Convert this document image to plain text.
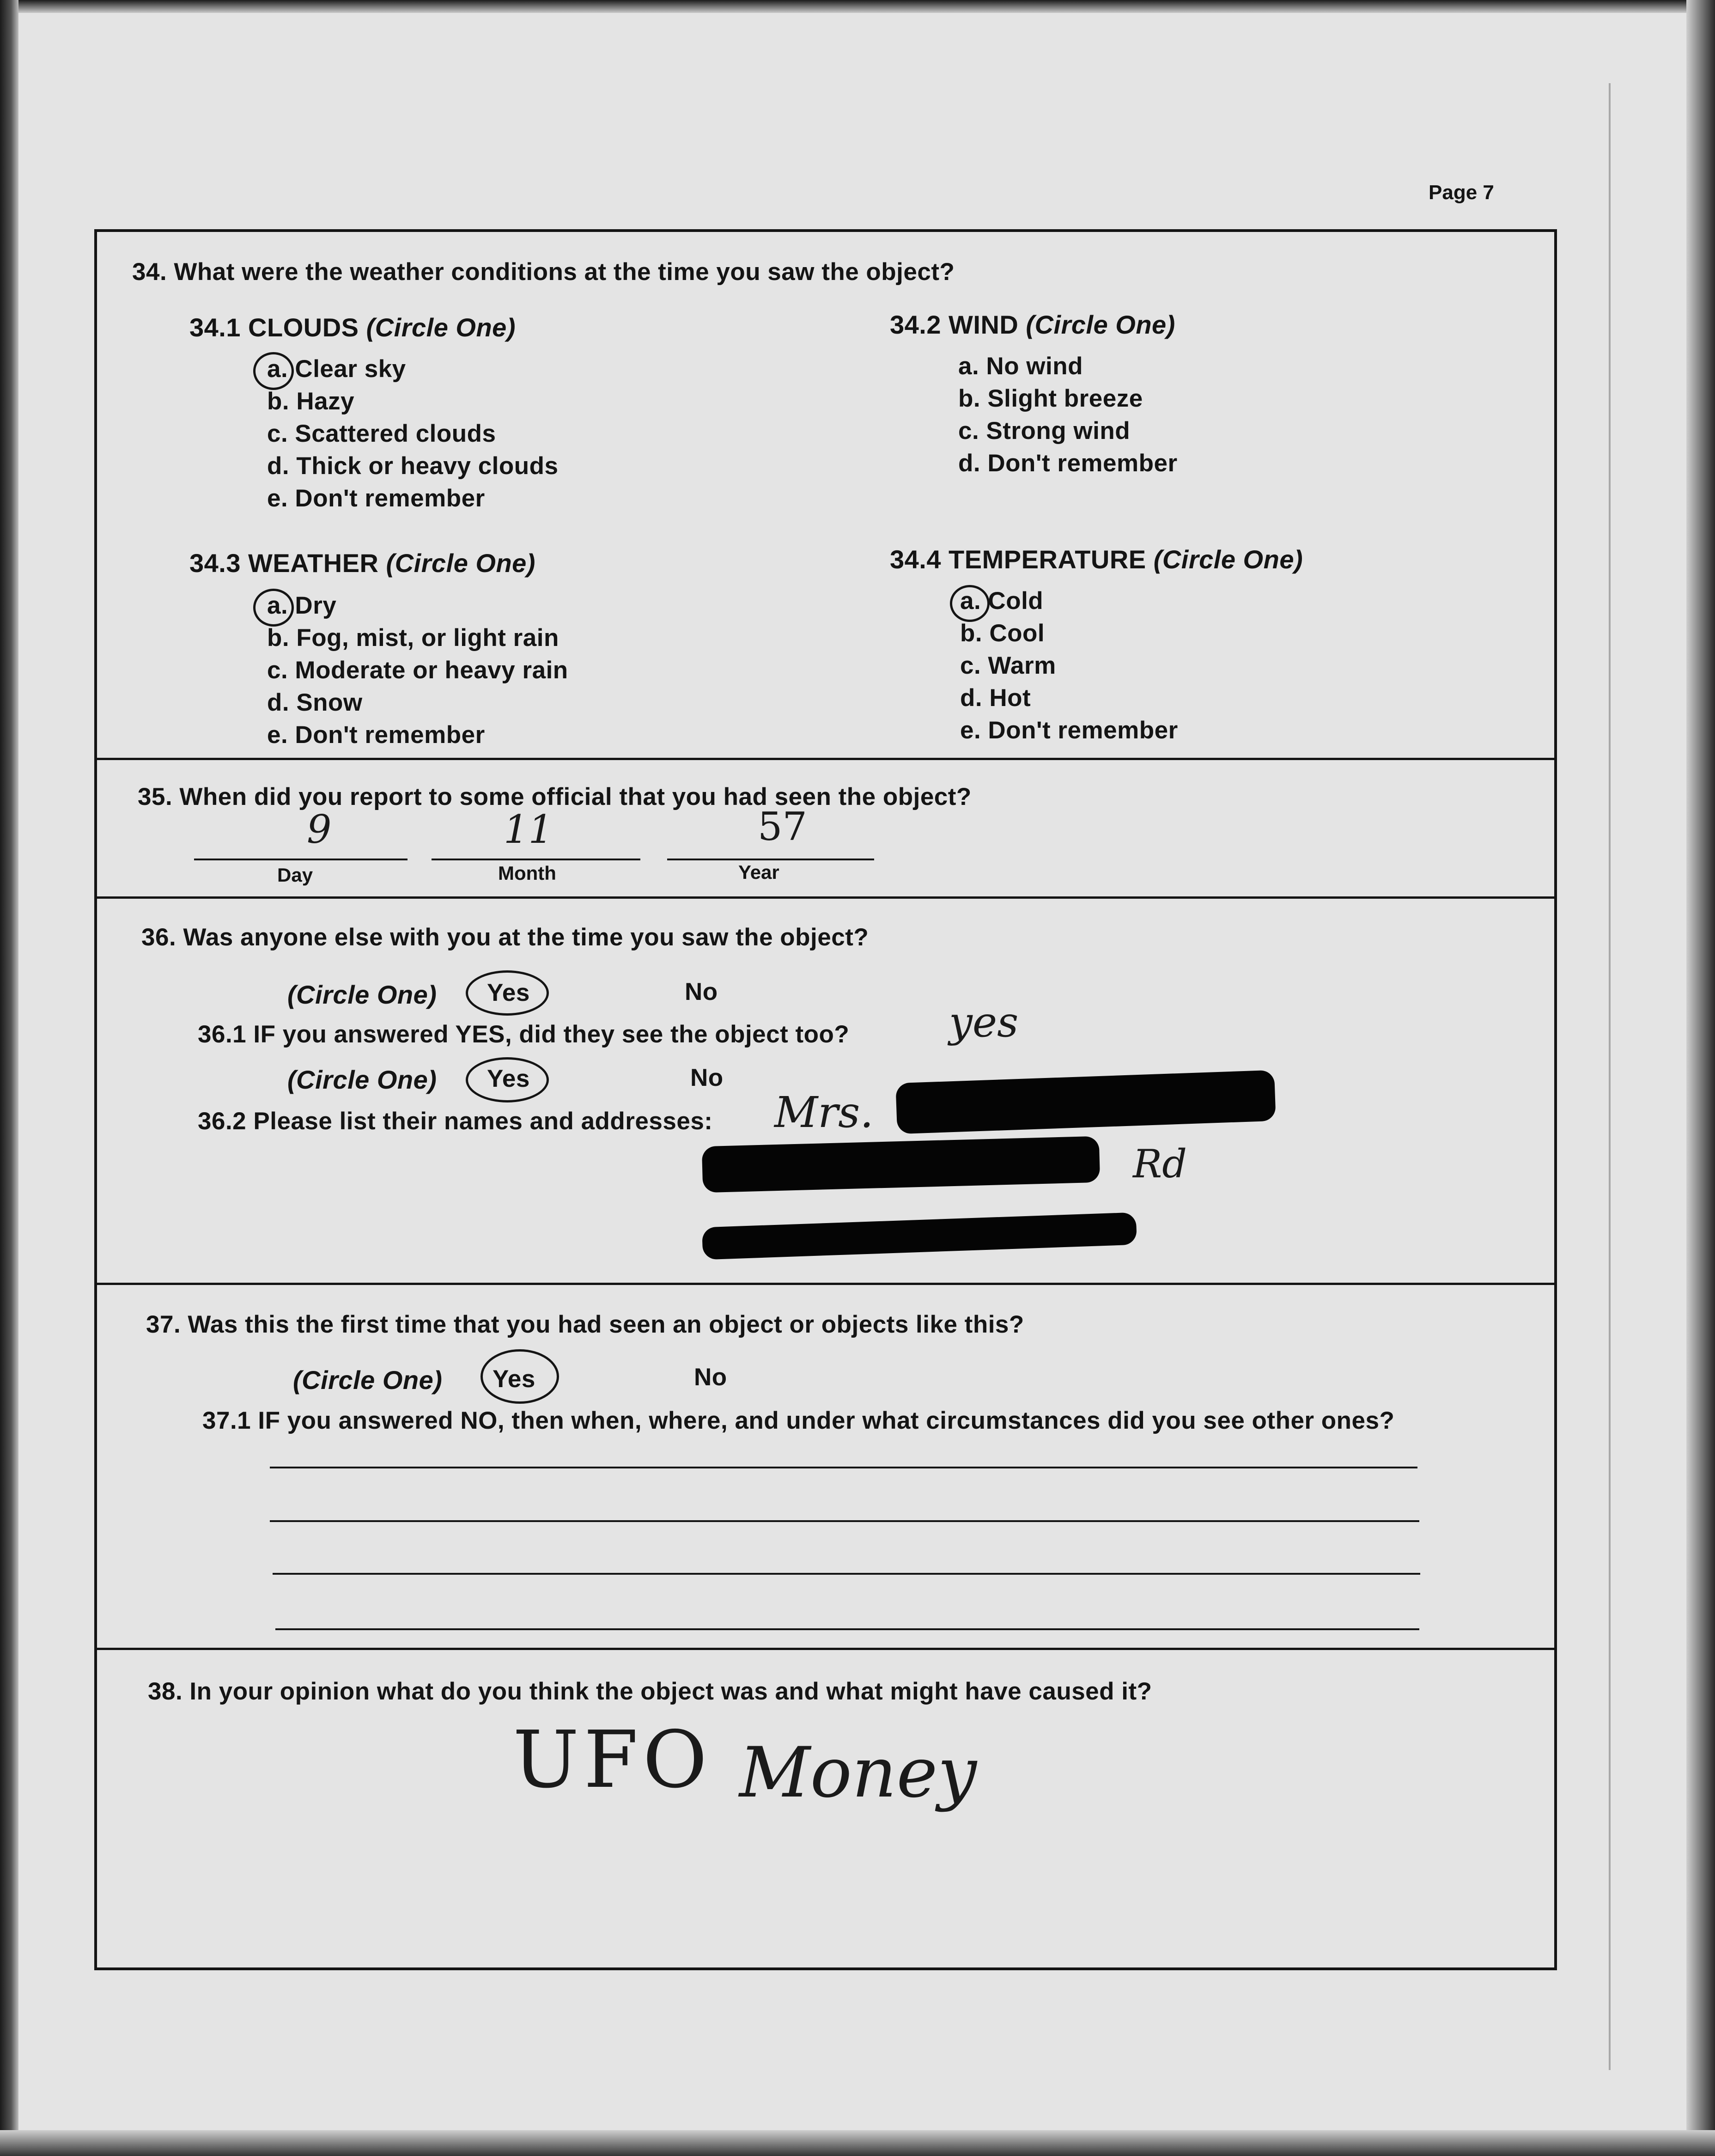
Page 7
34. What were the weather conditions at the time you saw the object?
34.1 CLOUDS (Circle One)
a. Clear sky
b. Hazy
c. Scattered clouds
d. Thick or heavy clouds
e. Don't remember
34.2 WIND (Circle One)
a. No wind
b. Slight breeze
c. Strong wind
d. Don't remember
34.3 WEATHER (Circle One)
a. Dry
b. Fog, mist, or light rain
c. Moderate or heavy rain
d. Snow
e. Don't remember
34.4 TEMPERATURE (Circle One)
a. Cold
b. Cool
c. Warm
d. Hot
e. Don't remember
35. When did you report to some official that you had seen the object?
9	11	57
Day	Month	Year
36. Was anyone else with you at the time you saw the object?
(Circle One) Yes	No
36.1 IF you answered YES, did they see the object too? yes
(Circle One) Yes	No
36.2 Please list their names and addresses: Mrs.
Rd
37. Was this the first time that you had seen an object or objects like this?
(Circle One) Yes	No
37.1 IF you answered NO, then when, where, and under what circumstances did you see other ones?
38. In your opinion what do you think the object was and what might have caused it?
UFO Money
